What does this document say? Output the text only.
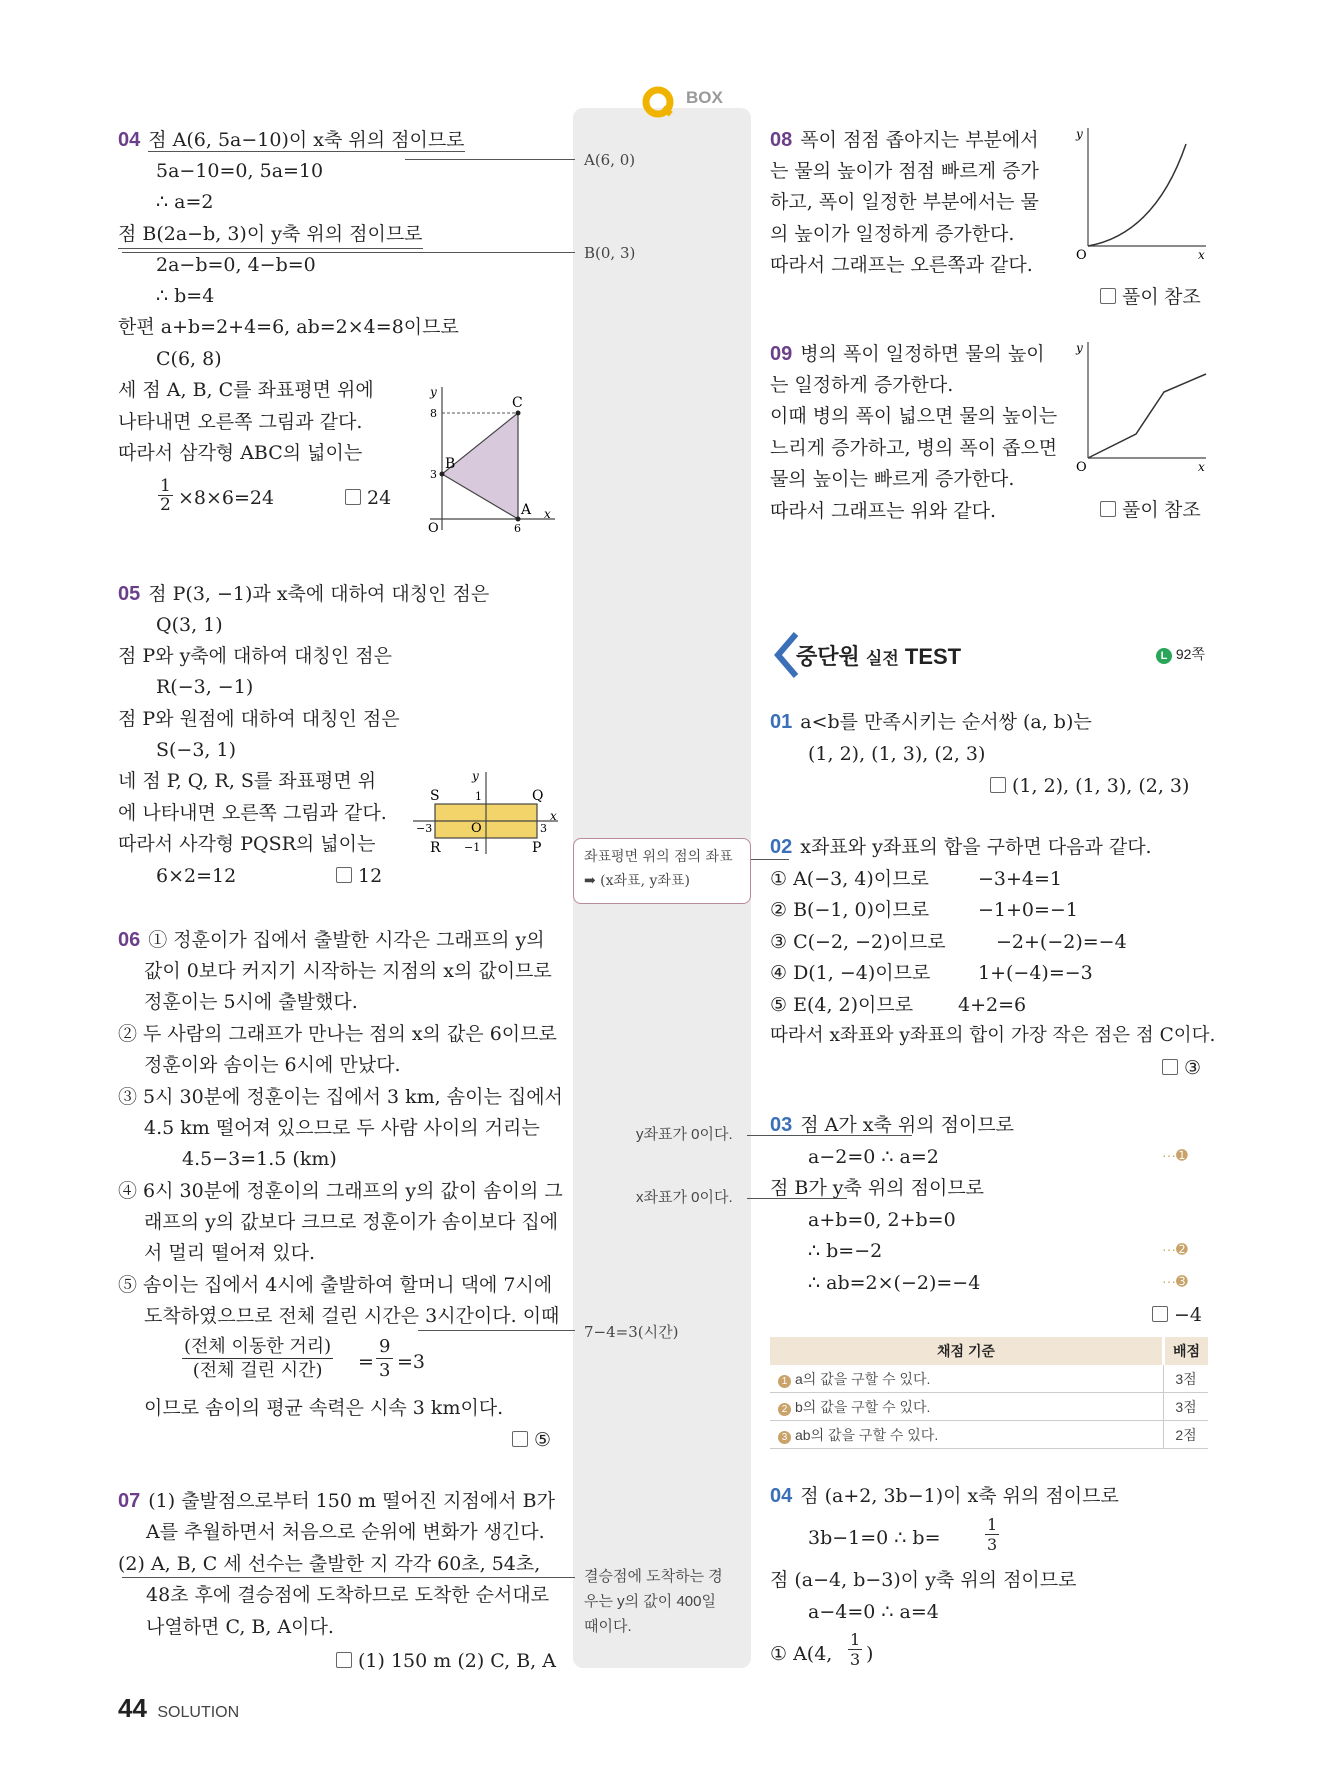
BOX
04 점 A(6, 5a−10)이 x축 위의 점이므로
5a−10=0, 5a=10
∴ a=2
점 B(2a−b, 3)이 y축 위의 점이므로
2a−b=0, 4−b=0
∴ b=4
한편 a+b=2+4=6, ab=2×4=8이므로
C(6, 8)
세 점 A, B, C를 좌표평면 위에
나타내면 오른쪽 그림과 같다.
따라서 삼각형 ABC의 넓이는
1
2 ×8×6=24	24
y
x
O
C
B
A
8
3
6
05 점 P(3, −1)과 x축에 대하여 대칭인 점은
Q(3, 1)
점 P와 y축에 대하여 대칭인 점은
R(−3, −1)
점 P와 원점에 대하여 대칭인 점은
S(−3, 1)
네 점 P, Q, R, S를 좌표평면 위
에 나타내면 오른쪽 그림과 같다.
따라서 사각형 PQSR의 넓이는
6×2=12	12
y
x
S	Q
R	P
O
1
−1
−3	3
좌표평면 위의 점의 좌표 ➡ (x좌표, y좌표)
06 ① 정훈이가 집에서 출발한 시각은 그래프의 y의
값이 0보다 커지기 시작하는 지점의 x의 값이므로
정훈이는 5시에 출발했다.
② 두 사람의 그래프가 만나는 점의 x의 값은 6이므로
정훈이와 솜이는 6시에 만났다.
③ 5시 30분에 정훈이는 집에서 3 km, 솜이는 집에서
4.5 km 떨어져 있으므로 두 사람 사이의 거리는
4.5−3=1.5 (km)
④ 6시 30분에 정훈이의 그래프의 y의 값이 솜이의 그
래프의 y의 값보다 크므로 정훈이가 솜이보다 집에
서 멀리 떨어져 있다.
⑤ 솜이는 집에서 4시에 출발하여 할머니 댁에 7시에
도착하였으므로 전체 걸린 시간은 3시간이다. 이때
(전체 이동한 거리)
(전체 걸린 시간)	=
9
3 =3
이므로 솜이의 평균 속력은 시속 3 km이다.
⑤
07 (1) 출발점으로부터 150 m 떨어진 지점에서 B가
A를 추월하면서 처음으로 순위에 변화가 생긴다.
(2) A, B, C 세 선수는 출발한 지 각각 60초, 54초,
48초 후에 결승점에 도착하므로 도착한 순서대로
나열하면 C, B, A이다.
(1) 150 m (2) C, B, A
A(6, 0)
B(0, 3)
7−4=3(시간)
결승점에 도착하는 경
우는 y의 값이 400일
때이다.
y좌표가 0이다.
x좌표가 0이다.
08 폭이 점점 좁아지는 부분에서
는 물의 높이가 점점 빠르게 증가
하고, 폭이 일정한 부분에서는 물
의 높이가 일정하게 증가한다.
따라서 그래프는 오른쪽과 같다.
풀이 참조
y
x
O
09 병의 폭이 일정하면 물의 높이
는 일정하게 증가한다.
이때 병의 폭이 넓으면 물의 높이는
느리게 증가하고, 병의 폭이 좁으면
물의 높이는 빠르게 증가한다.
따라서 그래프는 위와 같다.	풀이 참조
y
x
O
중단원 실전 TEST	L 92쪽
01 a<b를 만족시키는 순서쌍 (a, b)는
(1, 2), (1, 3), (2, 3)
(1, 2), (1, 3), (2, 3)
02 x좌표와 y좌표의 합을 구하면 다음과 같다.
① A(−3, 4)이므로	−3+4=1
② B(−1, 0)이므로	−1+0=−1
③ C(−2, −2)이므로	−2+(−2)=−4
④ D(1, −4)이므로	1+(−4)=−3
⑤ E(4, 2)이므로 4+2=6
따라서 x좌표와 y좌표의 합이 가장 작은 점은 점 C이다.
③
03 점 A가 x축 위의 점이므로
a−2=0 ∴ a=2
점 B가 y축 위의 점이므로
a+b=0, 2+b=0
∴ b=−2
∴ ab=2×(−2)=−4
···➊
···➋
···➌
−4
채점 기준	배점
1 a의 값을 구할 수 있다.	3점
2 b의 값을 구할 수 있다.	3점
3 ab의 값을 구할 수 있다.	2점
04 점 (a+2, 3b−1)이 x축 위의 점이므로
3b−1=0 ∴ b=
1
3
점 (a−4, b−3)이 y축 위의 점이므로
a−4=0 ∴ a=4
① A(4,
1
3 )
44 SOLUTION
